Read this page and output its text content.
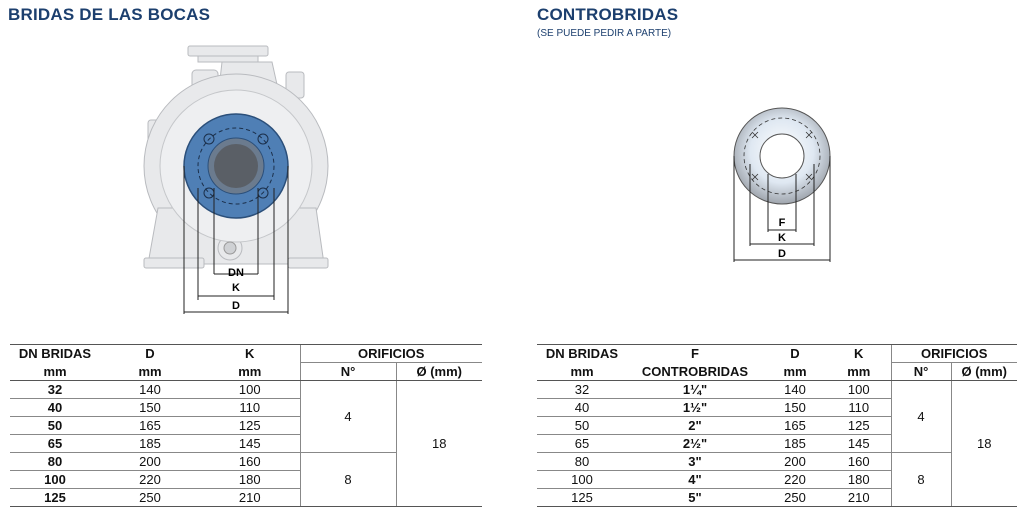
BRIDAS DE LAS BOCAS	CONTROBRIDAS
(SE PUEDE PEDIR A PARTE)
DN
K
D
F
K
D
DN BRIDAS	D	K	ORIFICIOS	
mm	mm	mm	N°	Ø (mm)
32	140	100	4	18
40	150	110		
50	165	125		
65	185	145		
80	200	160	8	
100	220	180		
125	250	210		
DN BRIDAS	F	D	K	ORIFICIOS	
mm	CONTROBRIDAS	mm	mm	N°	Ø (mm)
32	1¼"	140	100	4	18
40	1½"	150	110		
50	2"	165	125		
65	2½"	185	145		
80	3"	200	160	8	
100	4"	220	180		
125	5"	250	210		
